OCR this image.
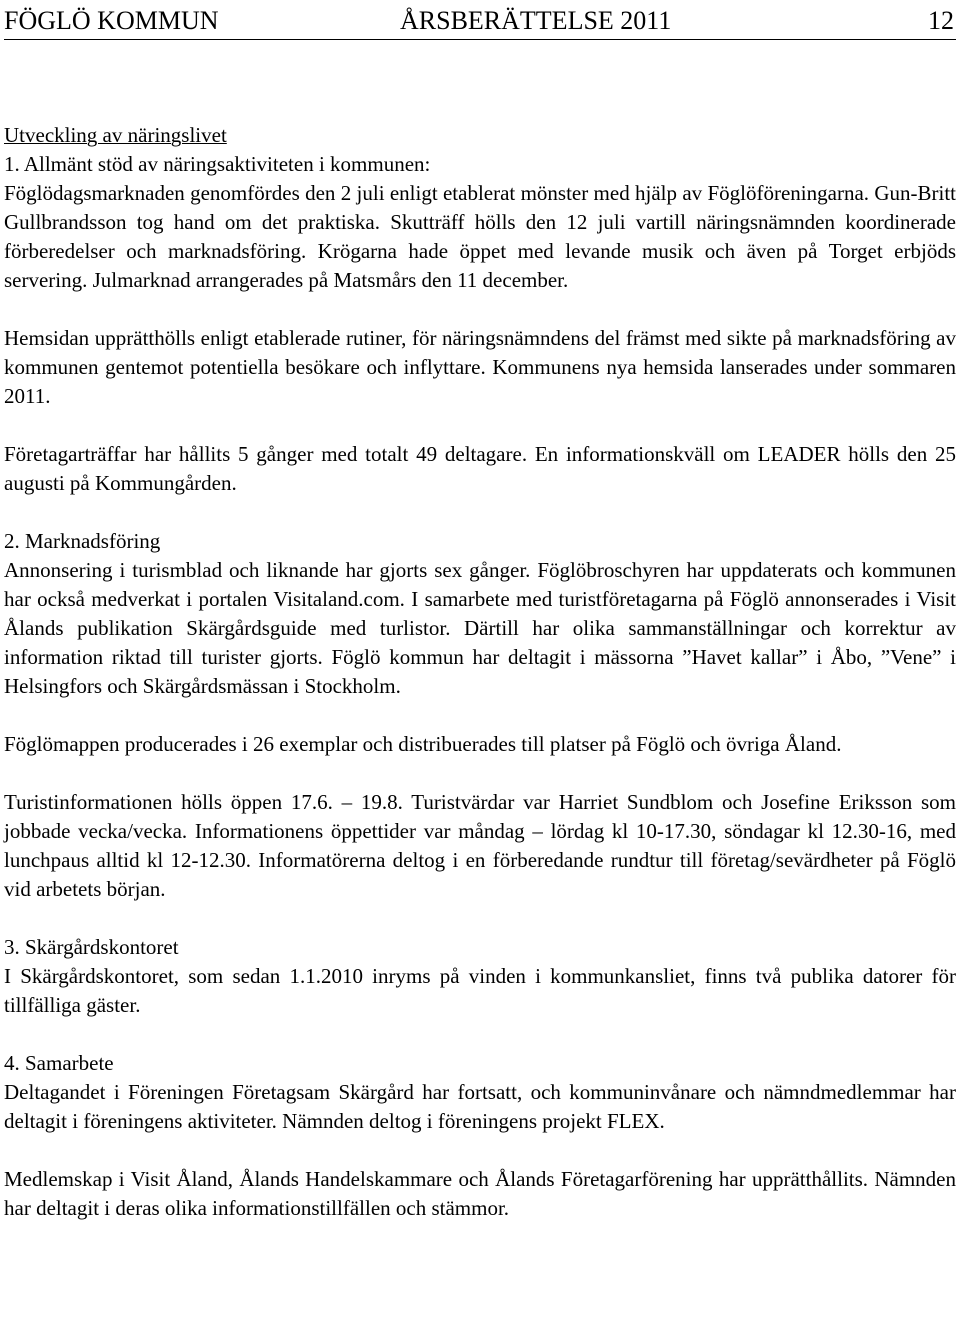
FÖGLÖ KOMMUN	ÅRSBERÄTTELSE 2011	12
Utveckling av näringslivet
1. Allmänt stöd av näringsaktiviteten i kommunen:

Föglödagsmarknaden genomfördes den 2 juli enligt etablerat mönster med hjälp av Föglöföreningarna. Gun-Britt Gullbrandsson tog hand om det praktiska. Skutträff hölls den 12 juli vartill näringsnämnden koordinerade förberedelser och marknadsföring. Krögarna hade öppet med levande musik och även på Torget erbjöds servering. Julmarknad arrangerades på Matsmårs den 11 december.

Hemsidan upprätthölls enligt etablerade rutiner, för näringsnämndens del främst med sikte på marknadsföring av kommunen gentemot potentiella besökare och inflyttare. Kommunens nya hemsida lanserades under sommaren 2011.

Företagarträffar har hållits 5 gånger med totalt 49 deltagare. En informationskväll om LEADER hölls den 25 augusti på Kommungården.

2. Marknadsföring

Annonsering i turismblad och liknande har gjorts sex gånger. Föglöbroschyren har uppdaterats och kommunen har också medverkat i portalen Visitaland.com. I samarbete med turistföretagarna på Föglö annonserades i Visit Ålands publikation Skärgårdsguide med turlistor. Därtill har olika sammanställningar och korrektur av information riktad till turister gjorts. Föglö kommun har deltagit i mässorna ”Havet kallar” i Åbo, ”Vene” i Helsingfors och Skärgårdsmässan i Stockholm.

Föglömappen producerades i 26 exemplar och distribuerades till platser på Föglö och övriga Åland.

Turistinformationen hölls öppen 17.6. – 19.8. Turistvärdar var Harriet Sundblom och Josefine Eriksson som jobbade vecka/vecka. Informationens öppettider var måndag – lördag kl 10-17.30, söndagar kl 12.30-16, med lunchpaus alltid kl 12-12.30. Informatörerna deltog i en förberedande rundtur till företag/sevärdheter på Föglö vid arbetets början.

3. Skärgårdskontoret

I Skärgårdskontoret, som sedan 1.1.2010 inryms på vinden i kommunkansliet, finns två publika datorer för tillfälliga gäster.

4. Samarbete

Deltagandet i Föreningen Företagsam Skärgård har fortsatt, och kommuninvånare och nämndmedlemmar har deltagit i föreningens aktiviteter. Nämnden deltog i föreningens projekt FLEX.

Medlemskap i Visit Åland, Ålands Handelskammare och Ålands Företagarförening har upprätthållits. Nämnden har deltagit i deras olika informationstillfällen och stämmor.
